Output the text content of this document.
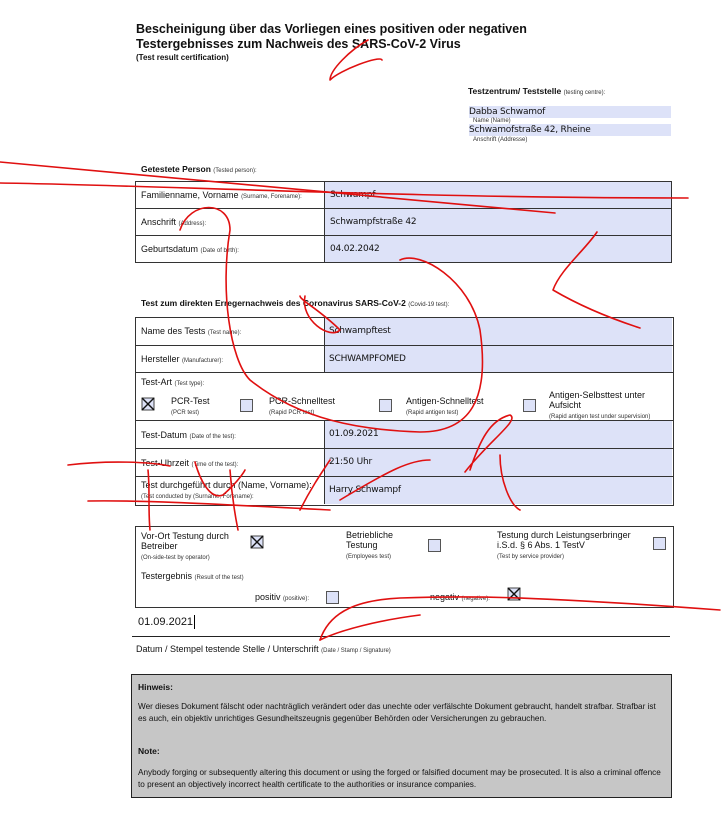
Bescheinigung über das Vorliegen eines positiven oder negativen Testergebnisses zum Nachweis des SARS-CoV-2 Virus
(Test result certification)
Testzentrum/ Teststelle (testing centre):
Dabba Schwamof
Name (Name)
Schwamofstraße 42, Rheine
Anschrift (Addresse)
Getestete Person (Tested person):
Familienname, Vorname (Surname, Forename):	Schwampf
Anschrift (Address):	Schwampfstraße 42
Geburtsdatum (Date of birth):	04.02.2042
Test zum direkten Erregernachweis des Coronavirus SARS-CoV-2 (Covid-19 test):
Name des Tests (Test name):	Schwampftest
Hersteller (Manufacturer):	SCHWAMPFOMED
Test-Art (Test type):
PCR-Test
(PCR test)
PCR-Schnelltest
(Rapid PCR test)
Antigen-Schnelltest
(Rapid antigen test)
Antigen-Selbsttest unter Aufsicht
(Rapid antigen test under supervision)
Test-Datum (Date of the test):	01.09.2021
Test-Uhrzeit (Time of the test):	21:50 Uhr
Test durchgeführt durch (Name, Vorname):
(Test conducted by (Surname, Forename):
Harry Schwampf
Vor-Ort Testung durch Betreiber
(On-side-test by operator)
Betriebliche Testung
(Employees test)
Testung durch Leistungserbringer i.S.d. § 6 Abs. 1 TestV
(Test by service provider)
Testergebnis (Result of the test)
positiv (positive):	negativ (negative):
01.09.2021
Datum / Stempel testende Stelle / Unterschrift (Date / Stamp / Signature)
Hinweis:
Wer dieses Dokument fälscht oder nachträglich verändert oder das unechte oder verfälschte Dokument gebraucht, handelt strafbar. Strafbar ist es auch, ein objektiv unrichtiges Gesundheitszeugnis gegenüber Behörden oder Versicherungen zu gebrauchen.
Note:
Anybody forging or subsequently altering this document or using the forged or falsified document may be prosecuted. It is also a criminal offence to present an objectively incorrect health certificate to the authorities or insurance companies.
